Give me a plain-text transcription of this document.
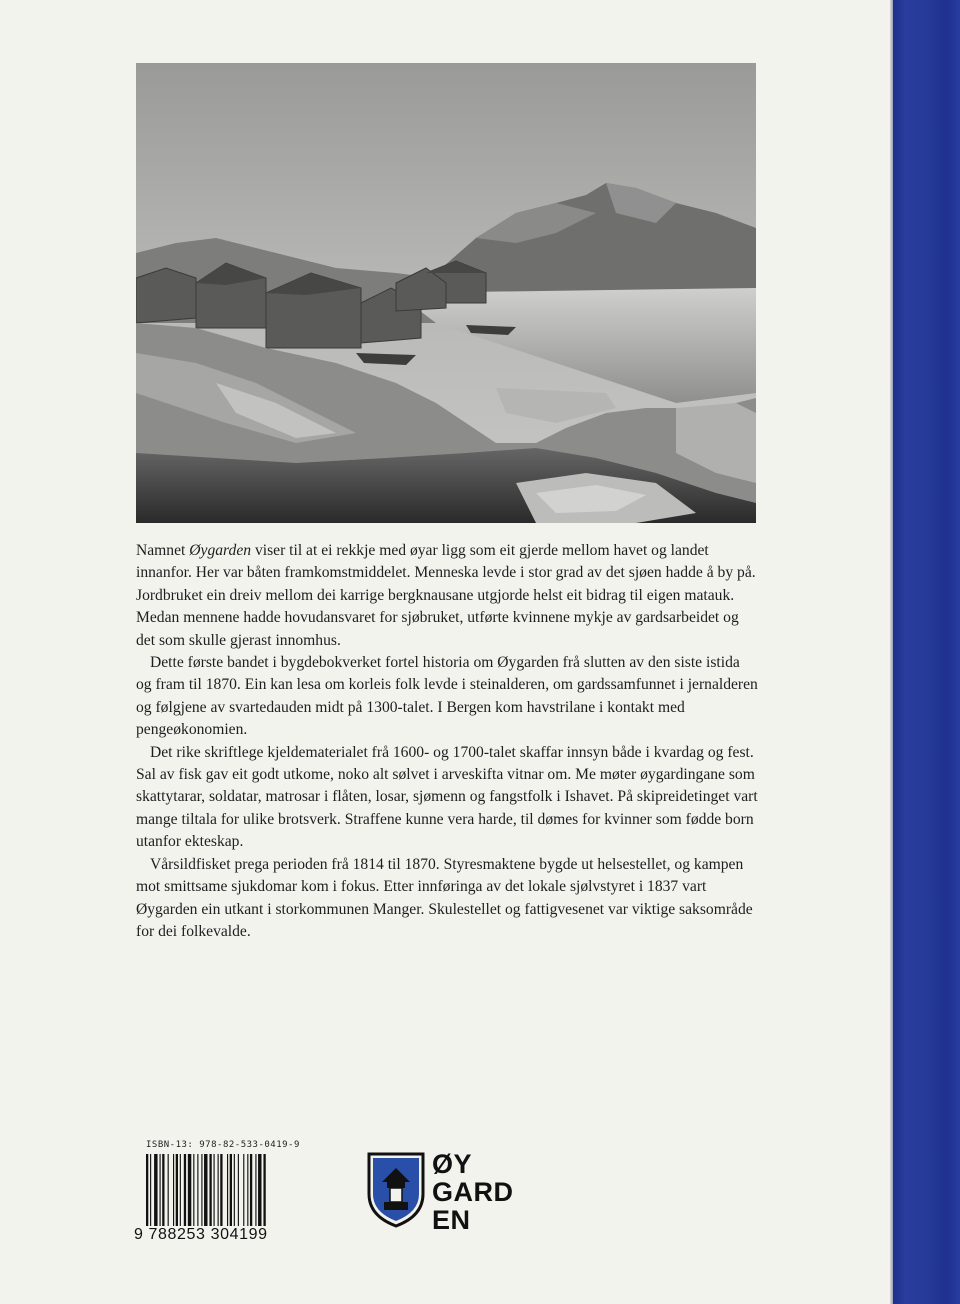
Namnet Øygarden viser til at ei rekkje med øyar ligg som eit gjerde mellom havet og landet innanfor. Her var båten framkomstmiddelet. Menneska levde i stor grad av det sjøen hadde å by på. Jordbruket ein dreiv mellom dei karrige bergknausane utgjorde helst eit bidrag til eigen matauk. Medan mennene hadde hovudansvaret for sjøbruket, utførte kvinnene mykje av gardsarbeidet og det som skulle gjerast innomhus.

Dette første bandet i bygdebokverket fortel historia om Øygarden frå slutten av den siste istida og fram til 1870. Ein kan lesa om korleis folk levde i steinalderen, om gardssamfunnet i jernalderen og følgjene av svartedauden midt på 1300-talet. I Bergen kom havstrilane i kontakt med pengeøkonomien.

Det rike skriftlege kjeldematerialet frå 1600- og 1700-talet skaffar innsyn både i kvardag og fest. Sal av fisk gav eit godt utkome, noko alt sølvet i arveskifta vitnar om. Me møter øygardingane som skattytarar, soldatar, matrosar i flåten, losar, sjømenn og fangstfolk i Ishavet. På skipreidetinget vart mange tiltala for ulike brotsverk. Straffene kunne vera harde, til dømes for kvinner som fødde born utanfor ekteskap.

Vårsildfisket prega perioden frå 1814 til 1870. Styresmaktene bygde ut helsestellet, og kampen mot smittsame sjukdomar kom i fokus. Etter innføringa av det lokale sjølvstyret i 1837 vart Øygarden ein utkant i storkommunen Manger. Skulestellet og fattigvesenet var viktige saksområde for dei folkevalde.

ISBN-13: 978-82-533-0419-9
9 788253 304199
ØY
GARD
EN
